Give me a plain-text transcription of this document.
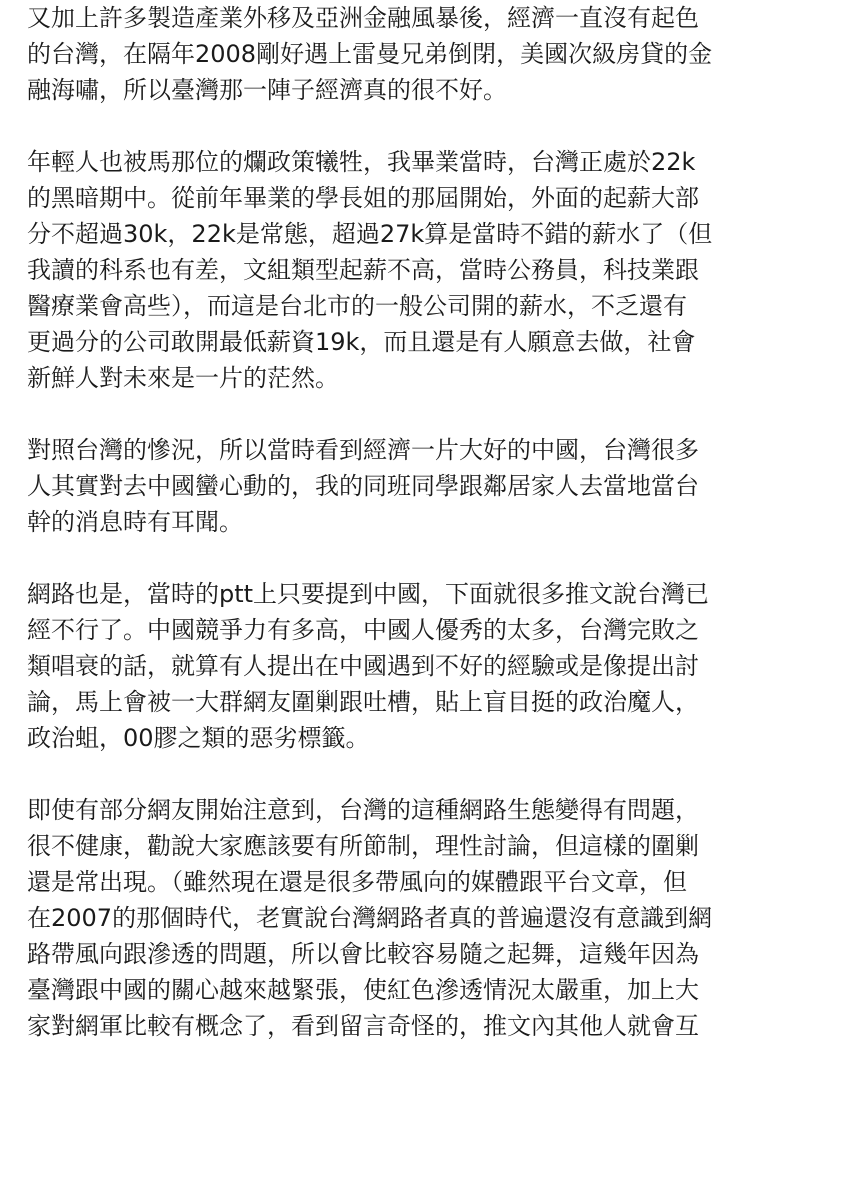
又加上許多製造產業外移及亞洲金融風暴後，經濟一直沒有起色
的台灣，在隔年2008剛好遇上雷曼兄弟倒閉，美國次級房貸的金
融海嘯，所以臺灣那一陣子經濟真的很不好。
年輕人也被馬那位的爛政策犧牲，我畢業當時，台灣正處於22k
的黑暗期中。從前年畢業的學長姐的那屆開始，外面的起薪大部
分不超過30k，22k是常態，超過27k算是當時不錯的薪水了（但
我讀的科系也有差，文組類型起薪不高，當時公務員，科技業跟
醫療業會高些），而這是台北市的一般公司開的薪水，不乏還有
更過分的公司敢開最低薪資19k，而且還是有人願意去做，社會
新鮮人對未來是一片的茫然。
對照台灣的慘況，所以當時看到經濟一片大好的中國，台灣很多
人其實對去中國蠻心動的，我的同班同學跟鄰居家人去當地當台
幹的消息時有耳聞。
網路也是，當時的ptt上只要提到中國，下面就很多推文說台灣已
經不行了。中國競爭力有多高，中國人優秀的太多，台灣完敗之
類唱衰的話，就算有人提出在中國遇到不好的經驗或是像提出討
論，馬上會被一大群網友圍剿跟吐槽，貼上盲目挺的政治魔人，
政治蛆，00膠之類的惡劣標籤。
即使有部分網友開始注意到，台灣的這種網路生態變得有問題，
很不健康，勸說大家應該要有所節制，理性討論，但這樣的圍剿
還是常出現。（雖然現在還是很多帶風向的媒體跟平台文章，但
在2007的那個時代，老實說台灣網路者真的普遍還沒有意識到網
路帶風向跟滲透的問題，所以會比較容易隨之起舞，這幾年因為
臺灣跟中國的關心越來越緊張，使紅色滲透情況太嚴重，加上大
家對網軍比較有概念了，看到留言奇怪的，推文內其他人就會互
